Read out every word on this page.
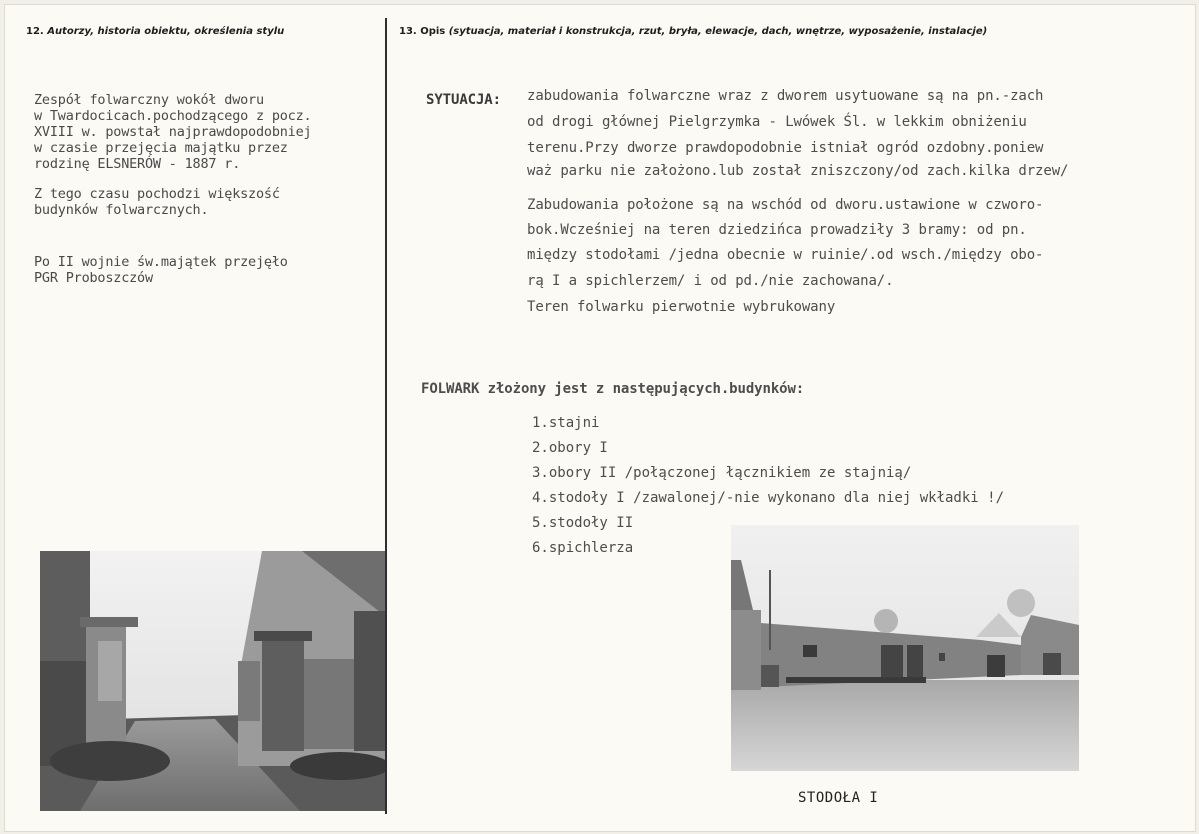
12. Autorzy, historia obiektu, określenia stylu	13. Opis (sytuacja, materiał i konstrukcja, rzut, bryła, elewacje, dach, wnętrze, wyposażenie, instalacje)
Zespół folwarczny wokół dworu
w Twardocicach.pochodzącego z pocz.
XVIII w. powstał najprawdopodobniej
w czasie przejęcia majątku przez
rodzinę ELSNERÓW - 1887 r.
Z tego czasu pochodzi większość
budynków folwarcznych.
Po II wojnie św.majątek przejęło
PGR Proboszczów
SYTUACJA: zabudowania folwarczne wraz z dworem usytuowane są na pn.-zach
od drogi głównej Pielgrzymka - Lwówek Śl. w lekkim obniżeniu
terenu.Przy dworze prawdopodobnie istniał ogród ozdobny.poniew
waż parku nie założono.lub został zniszczony/od zach.kilka drzew/
Zabudowania położone są na wschód od dworu.ustawione w czworo-
bok.Wcześniej na teren dziedzińca prowadziły 3 bramy: od pn.
między stodołami /jedna obecnie w ruinie/.od wsch./między obo-
rą I a spichlerzem/ i od pd./nie zachowana/.
Teren folwarku pierwotnie wybrukowany
FOLWARK złożony jest z następujących.budynków:
1.stajni
2.obory I
3.obory II /połączonej łącznikiem ze stajnią/
4.stodoły I /zawalonej/-nie wykonano dla niej wkładki !/
5.stodoły II
6.spichlerza
STODOŁA I
